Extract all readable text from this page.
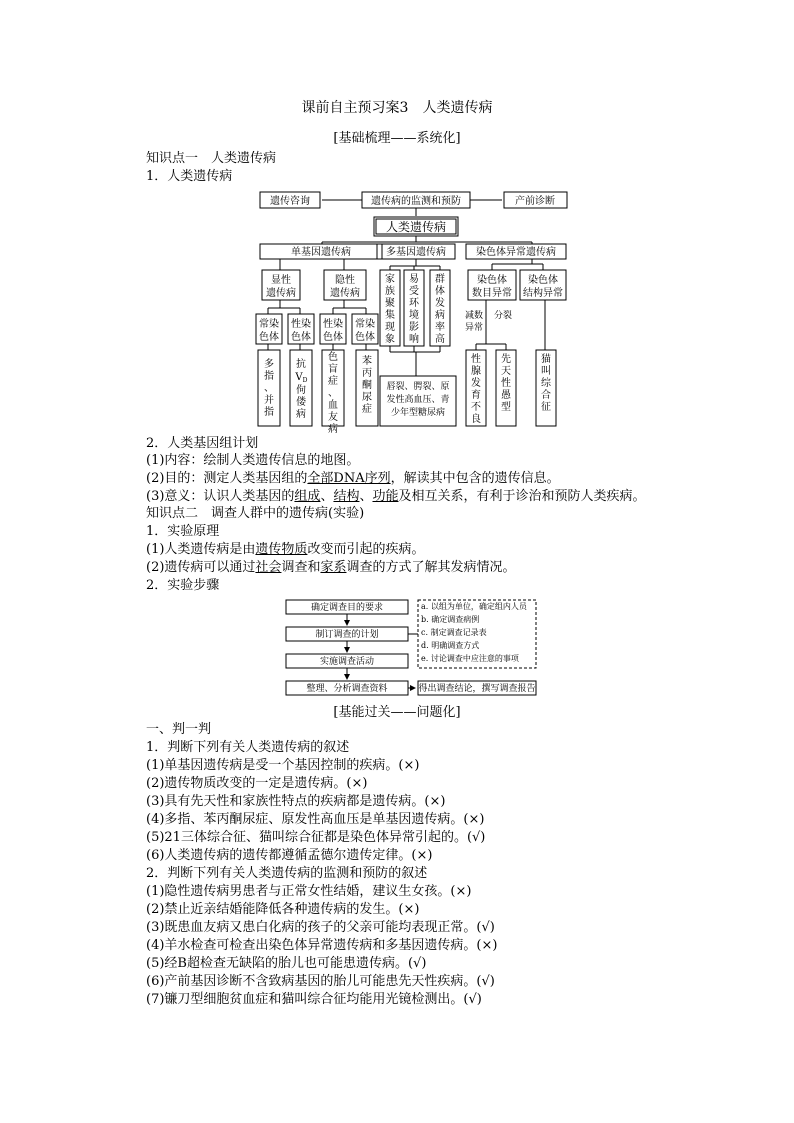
课前自主预习案3　人类遗传病
[基础梳理——系统化]
知识点一　人类遗传病
1．人类遗传病
遗传咨询	遗传病的监测和预防	产前诊断
人类遗传病
单基因遗传病	多基因遗传病	染色体异常遗传病
显性
遗传病
隐性
遗传病
常染
色体
性染
色体
性染
色体
常染
色体
染色体
数目异常
染色体
结构异常
减数
异常
分裂
唇裂、腭裂、原
发性高血压、青
少年型糖尿病
家族聚集现象
易受环境影响
群体发病率高
多指、并指
色盲症、血友病
苯丙酮尿症
性腺发育不良
先天性愚型
猫叫综合征
抗
V D
佝偻病
2．人类基因组计划
(1)内容：绘制人类遗传信息的地图。
(2)目的：测定人类基因组的全部DNA序列，解读其中包含的遗传信息。
(3)意义：认识人类基因的组成、结构、功能及相互关系，有利于诊治和预防人类疾病。
知识点二　调查人群中的遗传病(实验)
1．实验原理
(1)人类遗传病是由遗传物质改变而引起的疾病。
(2)遗传病可以通过社会调查和家系调查的方式了解其发病情况。
2．实验步骤
确定调查目的要求
制订调查的计划
实施调查活动
整理、分析调查资料	得出调查结论，撰写调查报告
a. 以组为单位，确定组内人员
b. 确定调查病例
c. 制定调查记录表
d. 明确调查方式
e. 讨论调查中应注意的事项
[基能过关——问题化]
一、判一判
1．判断下列有关人类遗传病的叙述
(1)单基因遗传病是受一个基因控制的疾病。(×)
(2)遗传物质改变的一定是遗传病。(×)
(3)具有先天性和家族性特点的疾病都是遗传病。(×)
(4)多指、苯丙酮尿症、原发性高血压是单基因遗传病。(×)
(5)21三体综合征、猫叫综合征都是染色体异常引起的。(√)
(6)人类遗传病的遗传都遵循孟德尔遗传定律。(×)
2．判断下列有关人类遗传病的监测和预防的叙述
(1)隐性遗传病男患者与正常女性结婚，建议生女孩。(×)
(2)禁止近亲结婚能降低各种遗传病的发生。(×)
(3)既患血友病又患白化病的孩子的父亲可能均表现正常。(√)
(4)羊水检查可检查出染色体异常遗传病和多基因遗传病。(×)
(5)经B超检查无缺陷的胎儿也可能患遗传病。(√)
(6)产前基因诊断不含致病基因的胎儿可能患先天性疾病。(√)
(7)镰刀型细胞贫血症和猫叫综合征均能用光镜检测出。(√)
